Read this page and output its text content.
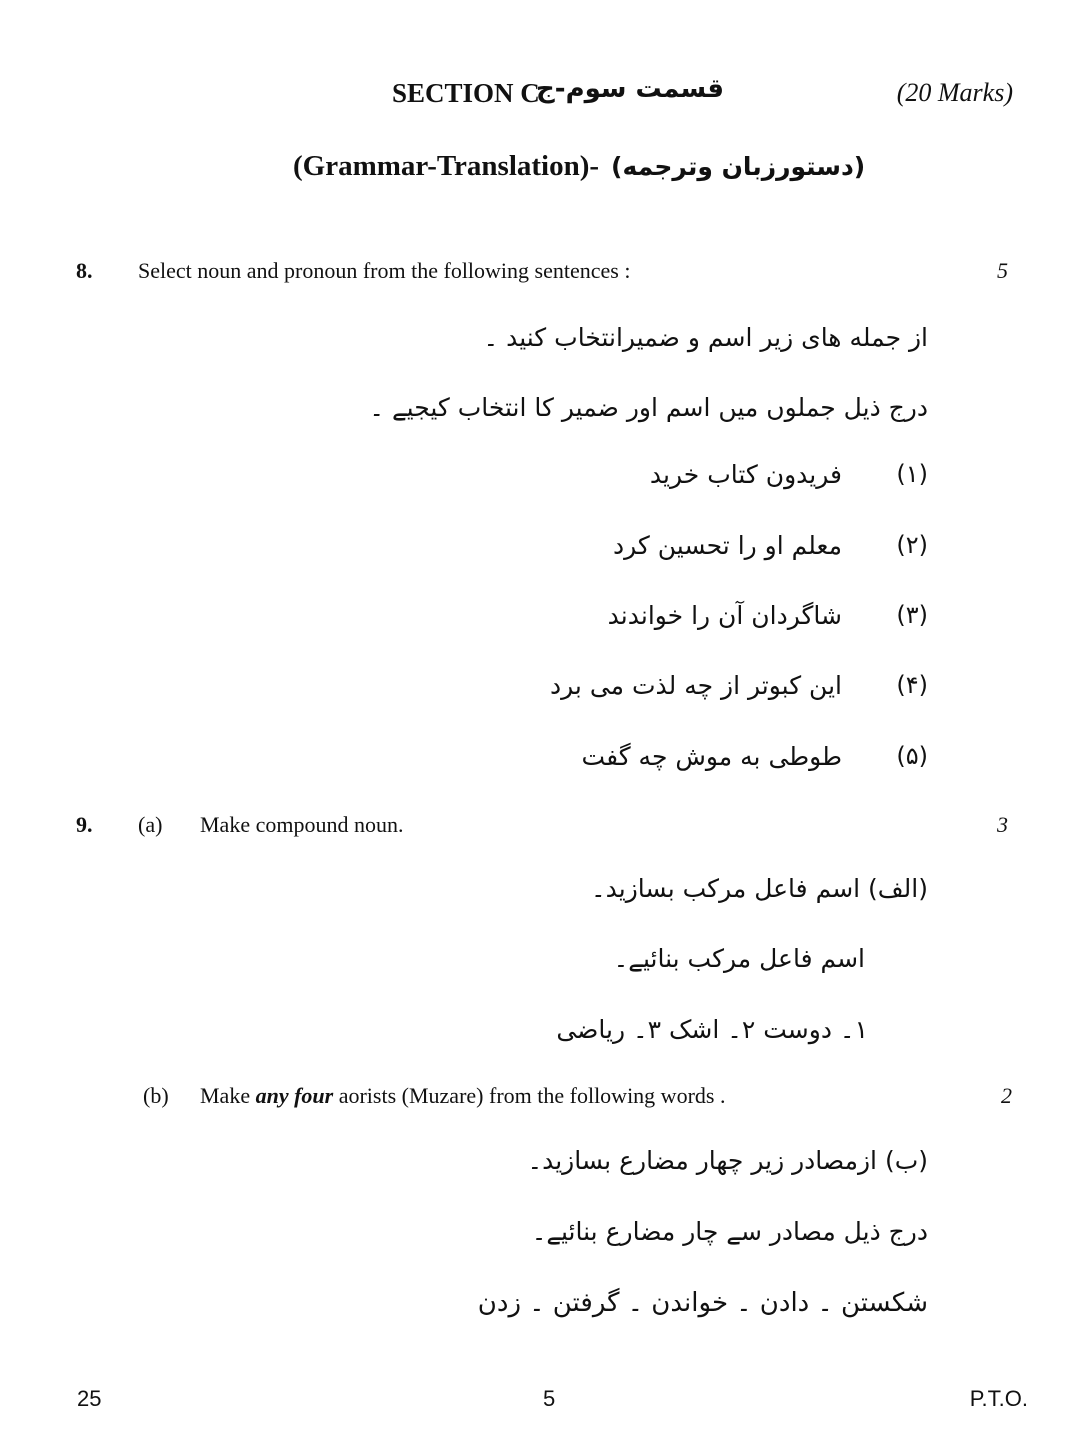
SECTION C
قسمت سوم-ج	(20 Marks)
(Grammar-Translation)- (دستورزبان وترجمه)
8. Select noun and pronoun from the following sentences :	5
از جمله های زیر اسم و ضمیرانتخاب کنید ۔
درج ذیل جملوں میں اسم اور ضمیر کا انتخاب کیجیے ۔
(۱)
فریدون کتاب خرید
(۲)
معلم او را تحسین کرد
(۳)
شاگردان آن را خواندند
(۴)
این کبوتر از چه لذت می برد
(۵)
طوطی به موش چه گفت
9. (a) Make compound noun.	3
(الف) اسم فاعل مرکب بسازید۔
اسم فاعل مرکب بنائیے۔
۱۔ دوست ۲۔ اشک ۳۔ ریاضی
(b) Make any four aorists (Muzare) from the following words .	2
(ب) ازمصادر زیر چهار مضارع بسازید۔
درج ذیل مصادر سے چار مضارع بنائیے۔
شکستن ۔ دادن ۔ خواندن ۔ گرفتن ۔ زدن
25	5	P.T.O.
